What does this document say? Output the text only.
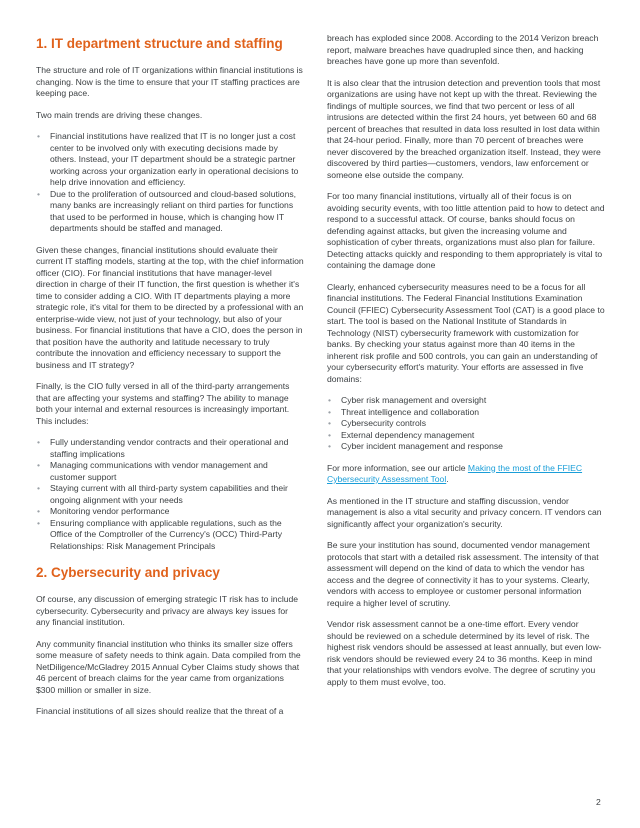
1. IT department structure and staffing

The structure and role of IT organizations within financial institutions is changing. Now is the time to ensure that your IT staffing practices are keeping pace.

Two main trends are driving these changes.

• Financial institutions have realized that IT is no longer just a cost center to be involved only with executing decisions made by others. Instead, your IT department should be a strategic partner working across your organization early in operational decisions to help drive innovation and efficiency.
• Due to the proliferation of outsourced and cloud-based solutions, many banks are increasingly reliant on third parties for functions that used to be performed in house, which is changing how IT departments should be staffed and managed.

Given these changes, financial institutions should evaluate their current IT staffing models, starting at the top, with the chief information officer (CIO). For financial institutions that have manager-level direction in charge of their IT function, the first question is whether it's time to consider adding a CIO. With IT departments playing a more strategic role, it's vital for them to be directed by a professional with an enterprise-wide view, not just of your technology, but also of your business. For financial institutions that have a CIO, does the person in that position have the authority and latitude necessary to truly contribute the innovation and efficiency necessary to support the business and IT strategy?

Finally, is the CIO fully versed in all of the third-party arrangements that are affecting your systems and staffing? The ability to manage both your internal and external resources is increasingly important. This includes:

• Fully understanding vendor contracts and their operational and staffing implications
• Managing communications with vendor management and customer support
• Staying current with all third-party system capabilities and their ongoing alignment with your needs
• Monitoring vendor performance
• Ensuring compliance with applicable regulations, such as the Office of the Comptroller of the Currency's (OCC) Third-Party Relationships: Risk Management Principals
2. Cybersecurity and privacy

Of course, any discussion of emerging strategic IT risk has to include cybersecurity. Cybersecurity and privacy are always key issues for any financial institution.

Any community financial institution who thinks its smaller size offers some measure of safety needs to think again. Data compiled from the NetDiligence/McGladrey 2015 Annual Cyber Claims study shows that 46 percent of breach claims for the year came from organizations $300 million or smaller in size.

Financial institutions of all sizes should realize that the threat of a

breach has exploded since 2008. According to the 2014 Verizon breach report, malware breaches have quadrupled since then, and hacking breaches have gone up more than sevenfold.

It is also clear that the intrusion detection and prevention tools that most organizations are using have not kept up with the threat. Reviewing the findings of multiple sources, we find that two percent or less of all intrusions are detected within the first 24 hours, yet between 60 and 68 percent of breaches that resulted in data loss resulted in lost data within that 24-hour period. Finally, more than 70 percent of breaches were never discovered by the breached organization itself. Instead, they were discovered by third parties—customers, vendors, law enforcement or someone else outside the company.

For too many financial institutions, virtually all of their focus is on avoiding security events, with too little attention paid to how to detect and respond to a successful attack. Of course, banks should focus on defending against attacks, but given the increasing volume and sophistication of cyber threats, organizations must also plan for failure. Detecting attacks quickly and responding to them appropriately is vital to containing the damage done

Clearly, enhanced cybersecurity measures need to be a focus for all financial institutions. The Federal Financial Institutions Examination Council (FFIEC) Cybersecurity Assessment Tool (CAT) is a good place to start. The tool is based on the National Institute of Standards in Technology (NIST) cybersecurity framework with customization for banks. By checking your status against more than 40 items in the inherent risk profile and 500 controls, you can gain an understanding of your cybersecurity effort's maturity. Your efforts are assessed in five domains:

• Cyber risk management and oversight
• Threat intelligence and collaboration
• Cybersecurity controls
• External dependency management
• Cyber incident management and response

For more information, see our article Making the most of the FFIEC Cybersecurity Assessment Tool.

As mentioned in the IT structure and staffing discussion, vendor management is also a vital security and privacy concern. IT vendors can significantly affect your organization's security.

Be sure your institution has sound, documented vendor management protocols that start with a detailed risk assessment. The intensity of that assessment will depend on the kind of data to which the vendor has access and the degree of connectivity it has to your systems. Clearly, vendors with access to employee or customer personal information require a higher level of scrutiny.

Vendor risk assessment cannot be a one-time effort. Every vendor should be reviewed on a schedule determined by its level of risk. The highest risk vendors should be assessed at least annually, but even low-risk vendors should be reviewed every 24 to 36 months. Keep in mind that your relationships with vendors evolve. The degree of scrutiny you apply to them must evolve, too.

2
